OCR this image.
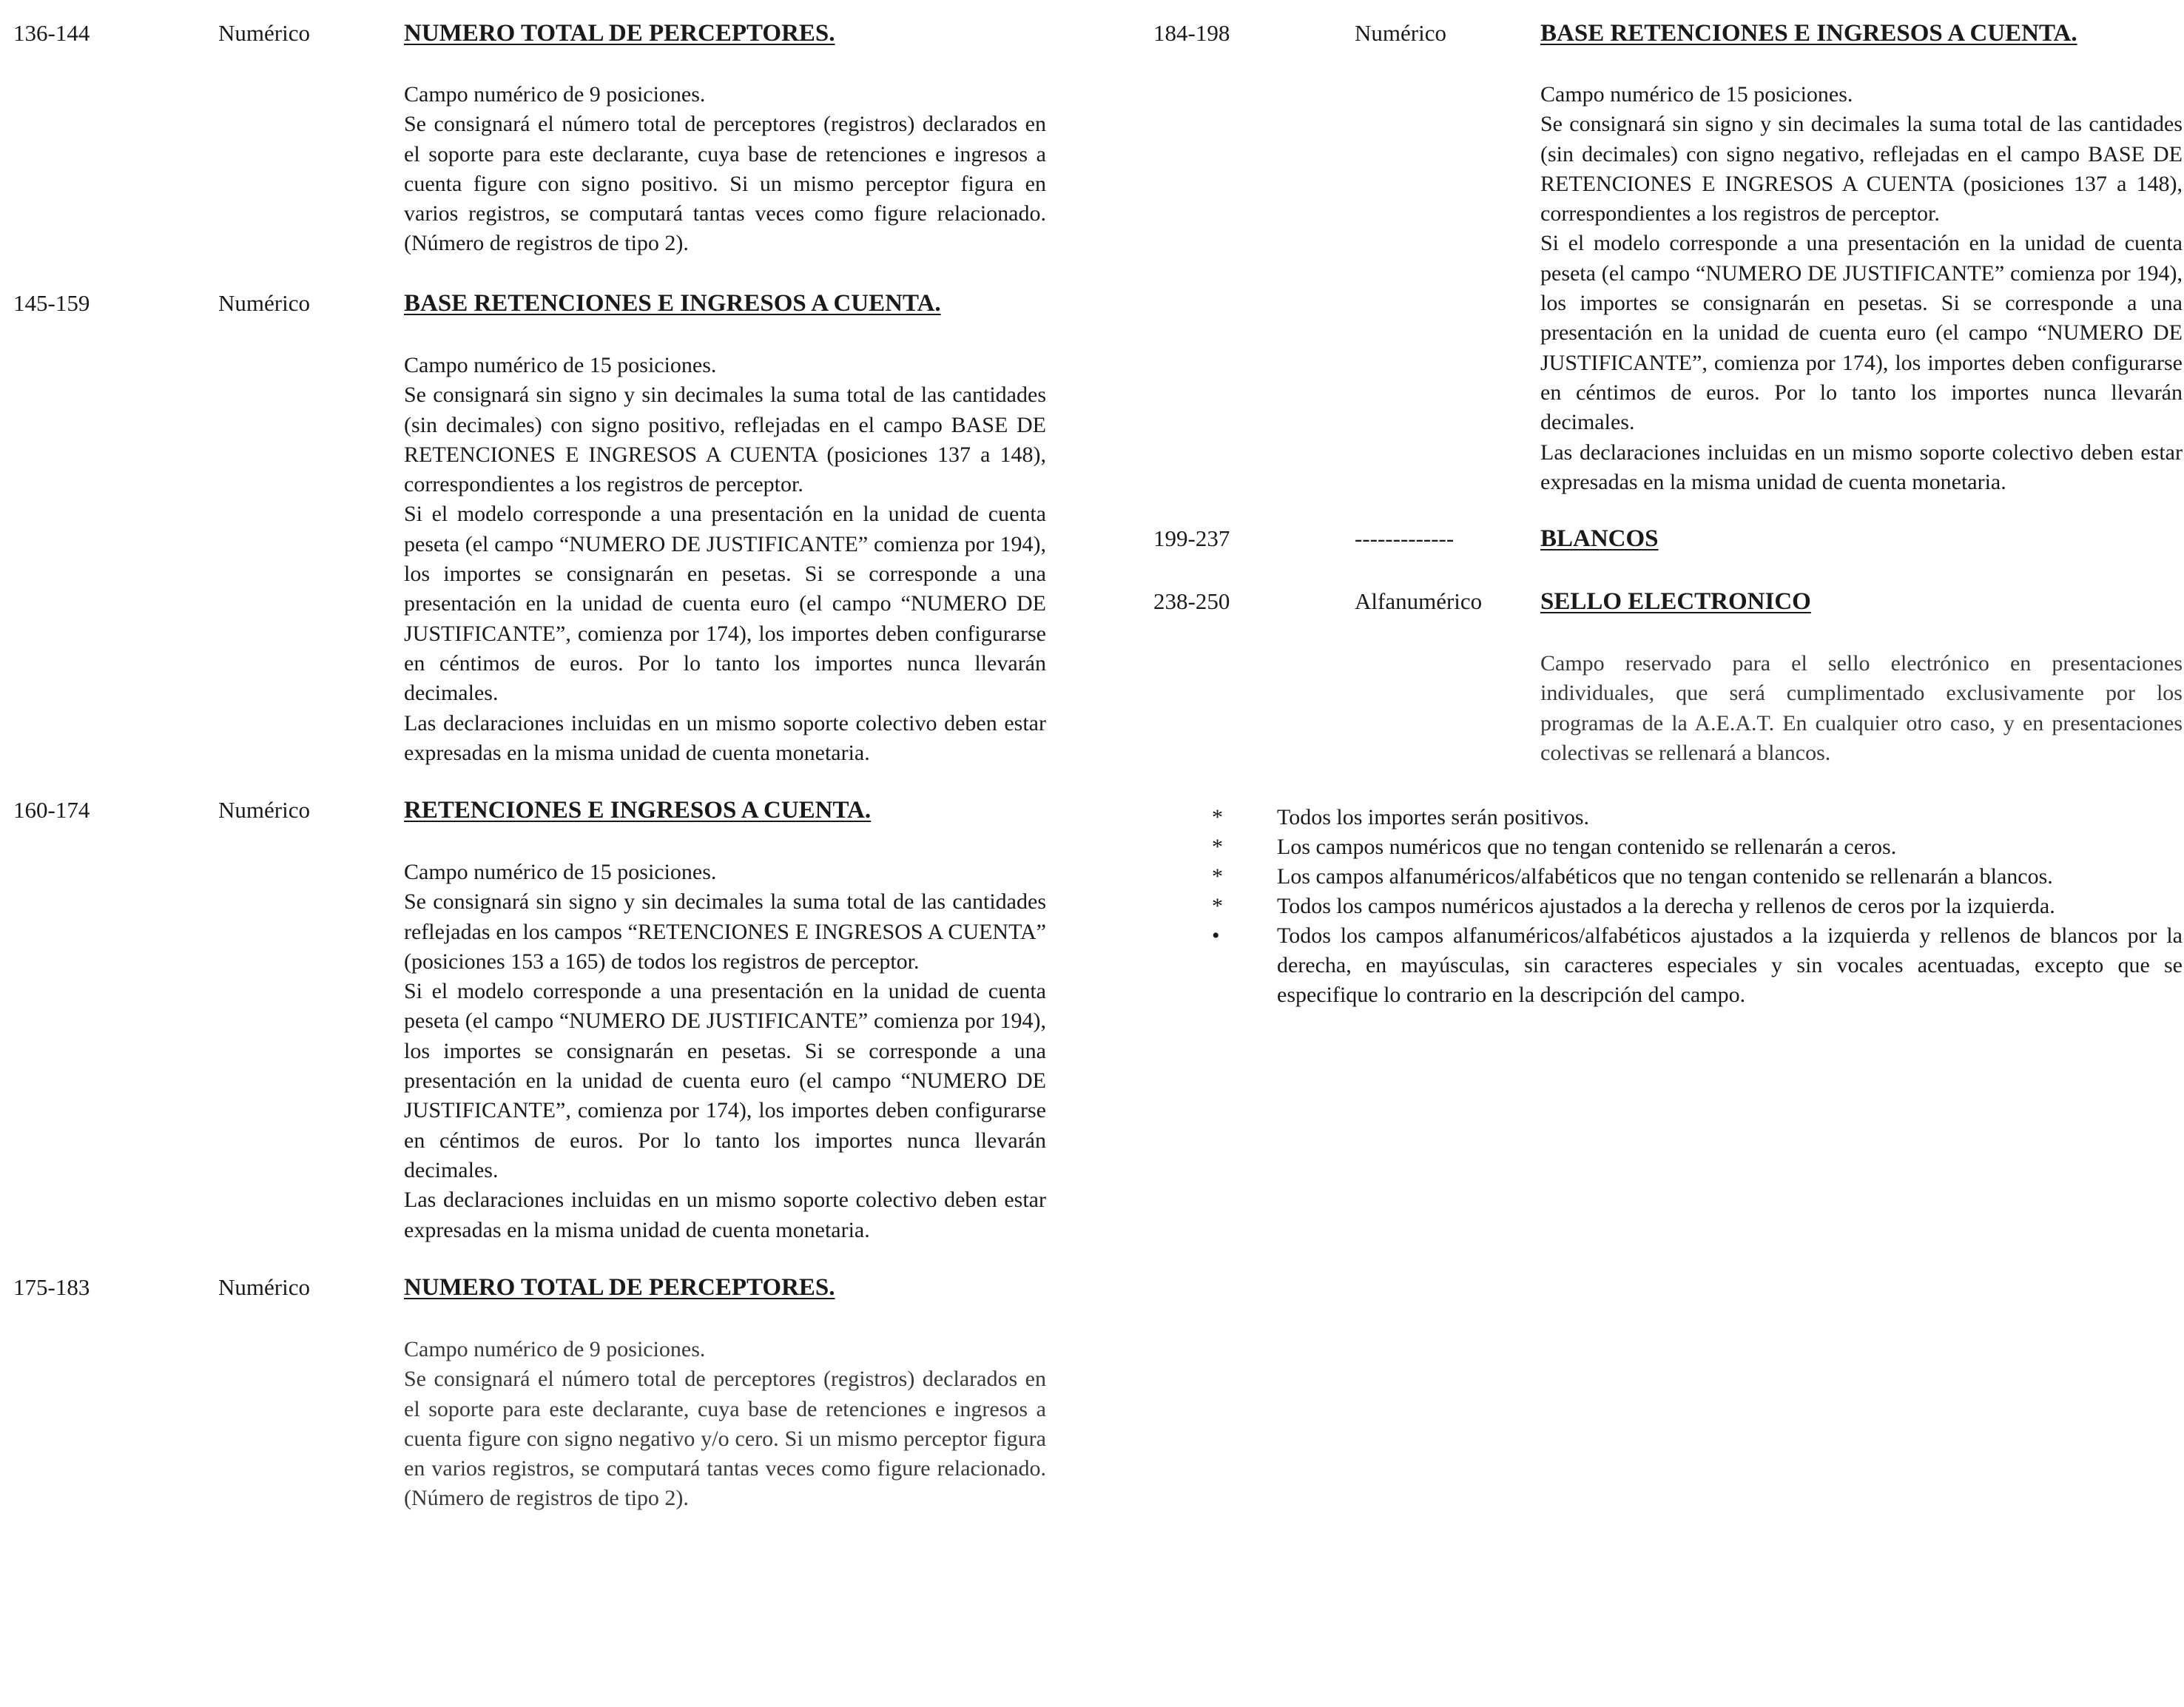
136-144	Numérico	NUMERO TOTAL DE PERCEPTORES.

Campo numérico de 9 posiciones.

Se consignará el número total de perceptores (registros) declarados en el soporte para este declarante, cuya base de retenciones e ingresos a cuenta figure con signo positivo. Si un mismo perceptor figura en varios registros, se computará tantas veces como figure relacionado.(Número de registros de tipo 2).

145-159	Numérico	BASE RETENCIONES E INGRESOS A CUENTA.

Campo numérico de 15 posiciones.

Se consignará sin signo y sin decimales la suma total de las cantidades (sin decimales) con signo positivo, reflejadas en el campo BASE DE RETENCIONES E INGRESOS A CUENTA (posiciones 137 a 148), correspondientes a los registros de perceptor.

Si el modelo corresponde a una presentación en la unidad de cuenta peseta (el campo “NUMERO DE JUSTIFICANTE” comienza por 194), los importes se consignarán en pesetas. Si se corresponde a una presentación en la unidad de cuenta euro (el campo “NUMERO DE JUSTIFICANTE”, comienza por 174), los importes deben configurarse en céntimos de euros. Por lo tanto los importes nunca llevarán decimales.

Las declaraciones incluidas en un mismo soporte colectivo deben estar expresadas en la misma unidad de cuenta monetaria.

160-174	Numérico	RETENCIONES E INGRESOS A CUENTA.

Campo numérico de 15 posiciones.

Se consignará sin signo y sin decimales la suma total de las cantidades reflejadas en los campos “RETENCIONES E INGRESOS A CUENTA” (posiciones 153 a 165) de todos los registros de perceptor.

Si el modelo corresponde a una presentación en la unidad de cuenta peseta (el campo “NUMERO DE JUSTIFICANTE” comienza por 194), los importes se consignarán en pesetas. Si se corresponde a una presentación en la unidad de cuenta euro (el campo “NUMERO DE JUSTIFICANTE”, comienza por 174), los importes deben configurarse en céntimos de euros. Por lo tanto los importes nunca llevarán decimales.

Las declaraciones incluidas en un mismo soporte colectivo deben estar expresadas en la misma unidad de cuenta monetaria.

175-183	Numérico	NUMERO TOTAL DE PERCEPTORES.

Campo numérico de 9 posiciones.

Se consignará el número total de perceptores (registros) declarados en el soporte para este declarante, cuya base de retenciones e ingresos a cuenta figure con signo negativo y/o cero. Si un mismo perceptor figura en varios registros, se computará tantas veces como figure relacionado.(Número de registros de tipo 2).

184-198	Numérico	BASE RETENCIONES E INGRESOS A CUENTA.

Campo numérico de 15 posiciones.

Se consignará sin signo y sin decimales la suma total de las cantidades (sin decimales) con signo negativo, reflejadas en el campo BASE DE RETENCIONES E INGRESOS A CUENTA (posiciones 137 a 148), correspondientes a los registros de perceptor.

Si el modelo corresponde a una presentación en la unidad de cuenta peseta (el campo “NUMERO DE JUSTIFICANTE” comienza por 194), los importes se consignarán en pesetas. Si se corresponde a una presentación en la unidad de cuenta euro (el campo “NUMERO DE JUSTIFICANTE”, comienza por 174), los importes deben configurarse en céntimos de euros. Por lo tanto los importes nunca llevarán decimales.

Las declaraciones incluidas en un mismo soporte colectivo deben estar expresadas en la misma unidad de cuenta monetaria.

199-237	-------------	BLANCOS
238-250	Alfanumérico SELLO ELECTRONICO

Campo reservado para el sello electrónico en presentaciones individuales, que será cumplimentado exclusivamente por los programas de la A.E.A.T. En cualquier otro caso, y en presentaciones colectivas se rellenará a blancos.

* Todos los importes serán positivos.
* Los campos numéricos que no tengan contenido se rellenarán a ceros.
* Los campos alfanuméricos/alfabéticos que no tengan contenido se rellenarán a blancos.
* Todos los campos numéricos ajustados a la derecha y rellenos de ceros por la izquierda.
•	Todos los campos alfanuméricos/alfabéticos ajustados a la izquierda y rellenos de blancos por la derecha, en mayúsculas, sin caracteres especiales y sin vocales acentuadas, excepto que se especifique lo contrario en la descripción del campo.
